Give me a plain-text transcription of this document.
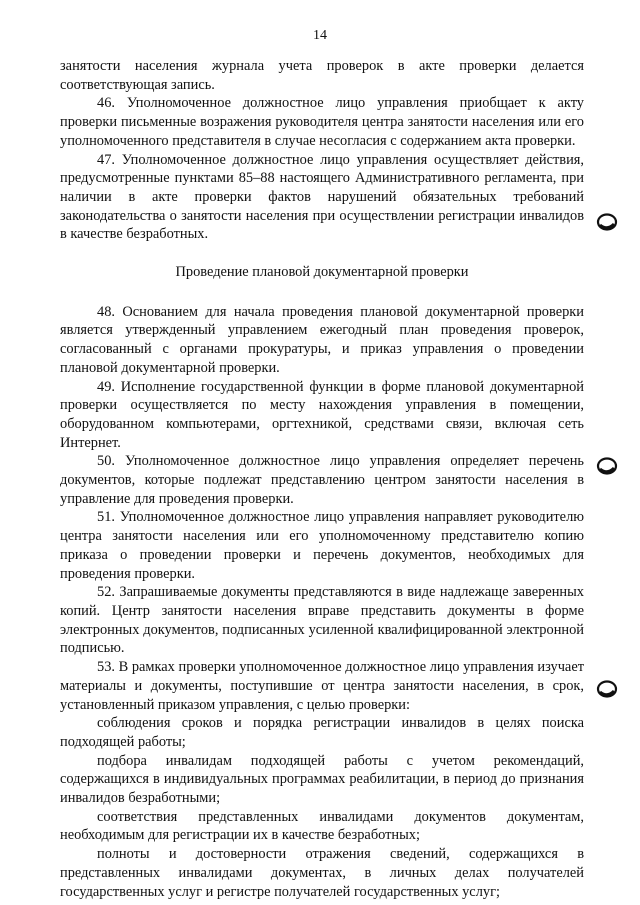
14

занятости населения журнала учета проверок в акте проверки делается соответствующая запись.

46. Уполномоченное должностное лицо управления приобщает к акту проверки письменные возражения руководителя центра занятости населения или его уполномоченного представителя в случае несогласия с содержанием акта проверки.

47. Уполномоченное должностное лицо управления осуществляет действия, предусмотренные пунктами 85–88 настоящего Административного регламента, при наличии в акте проверки фактов нарушений обязательных требований законодательства о занятости населения при осуществлении регистрации инвалидов в качестве безработных.

Проведение плановой документарной проверки

48. Основанием для начала проведения плановой документарной проверки является утвержденный управлением ежегодный план проведения проверок, согласованный с органами прокуратуры, и приказ управления о проведении плановой документарной проверки.

49. Исполнение государственной функции в форме плановой документарной проверки осуществляется по месту нахождения управления в помещении, оборудованном компьютерами, оргтехникой, средствами связи, включая сеть Интернет.

50. Уполномоченное должностное лицо управления определяет перечень документов, которые подлежат представлению центром занятости населения в управление для проведения проверки.

51. Уполномоченное должностное лицо управления направляет руководителю центра занятости населения или его уполномоченному представителю копию приказа о проведении проверки и перечень документов, необходимых для проведения проверки.

52. Запрашиваемые документы представляются в виде надлежаще заверенных копий. Центр занятости населения вправе представить документы в форме электронных документов, подписанных усиленной квалифицированной электронной подписью.

53. В рамках проверки уполномоченное должностное лицо управления изучает материалы и документы, поступившие от центра занятости населения, в срок, установленный приказом управления, с целью проверки:

соблюдения сроков и порядка регистрации инвалидов в целях поиска подходящей работы;

подбора инвалидам подходящей работы с учетом рекомендаций, содержащихся в индивидуальных программах реабилитации, в период до признания инвалидов безработными;

соответствия представленных инвалидами документов документам, необходимым для регистрации их в качестве безработных;

полноты и достоверности отражения сведений, содержащихся в представленных инвалидами документах, в личных делах получателей государственных услуг и регистре получателей государственных услуг;
